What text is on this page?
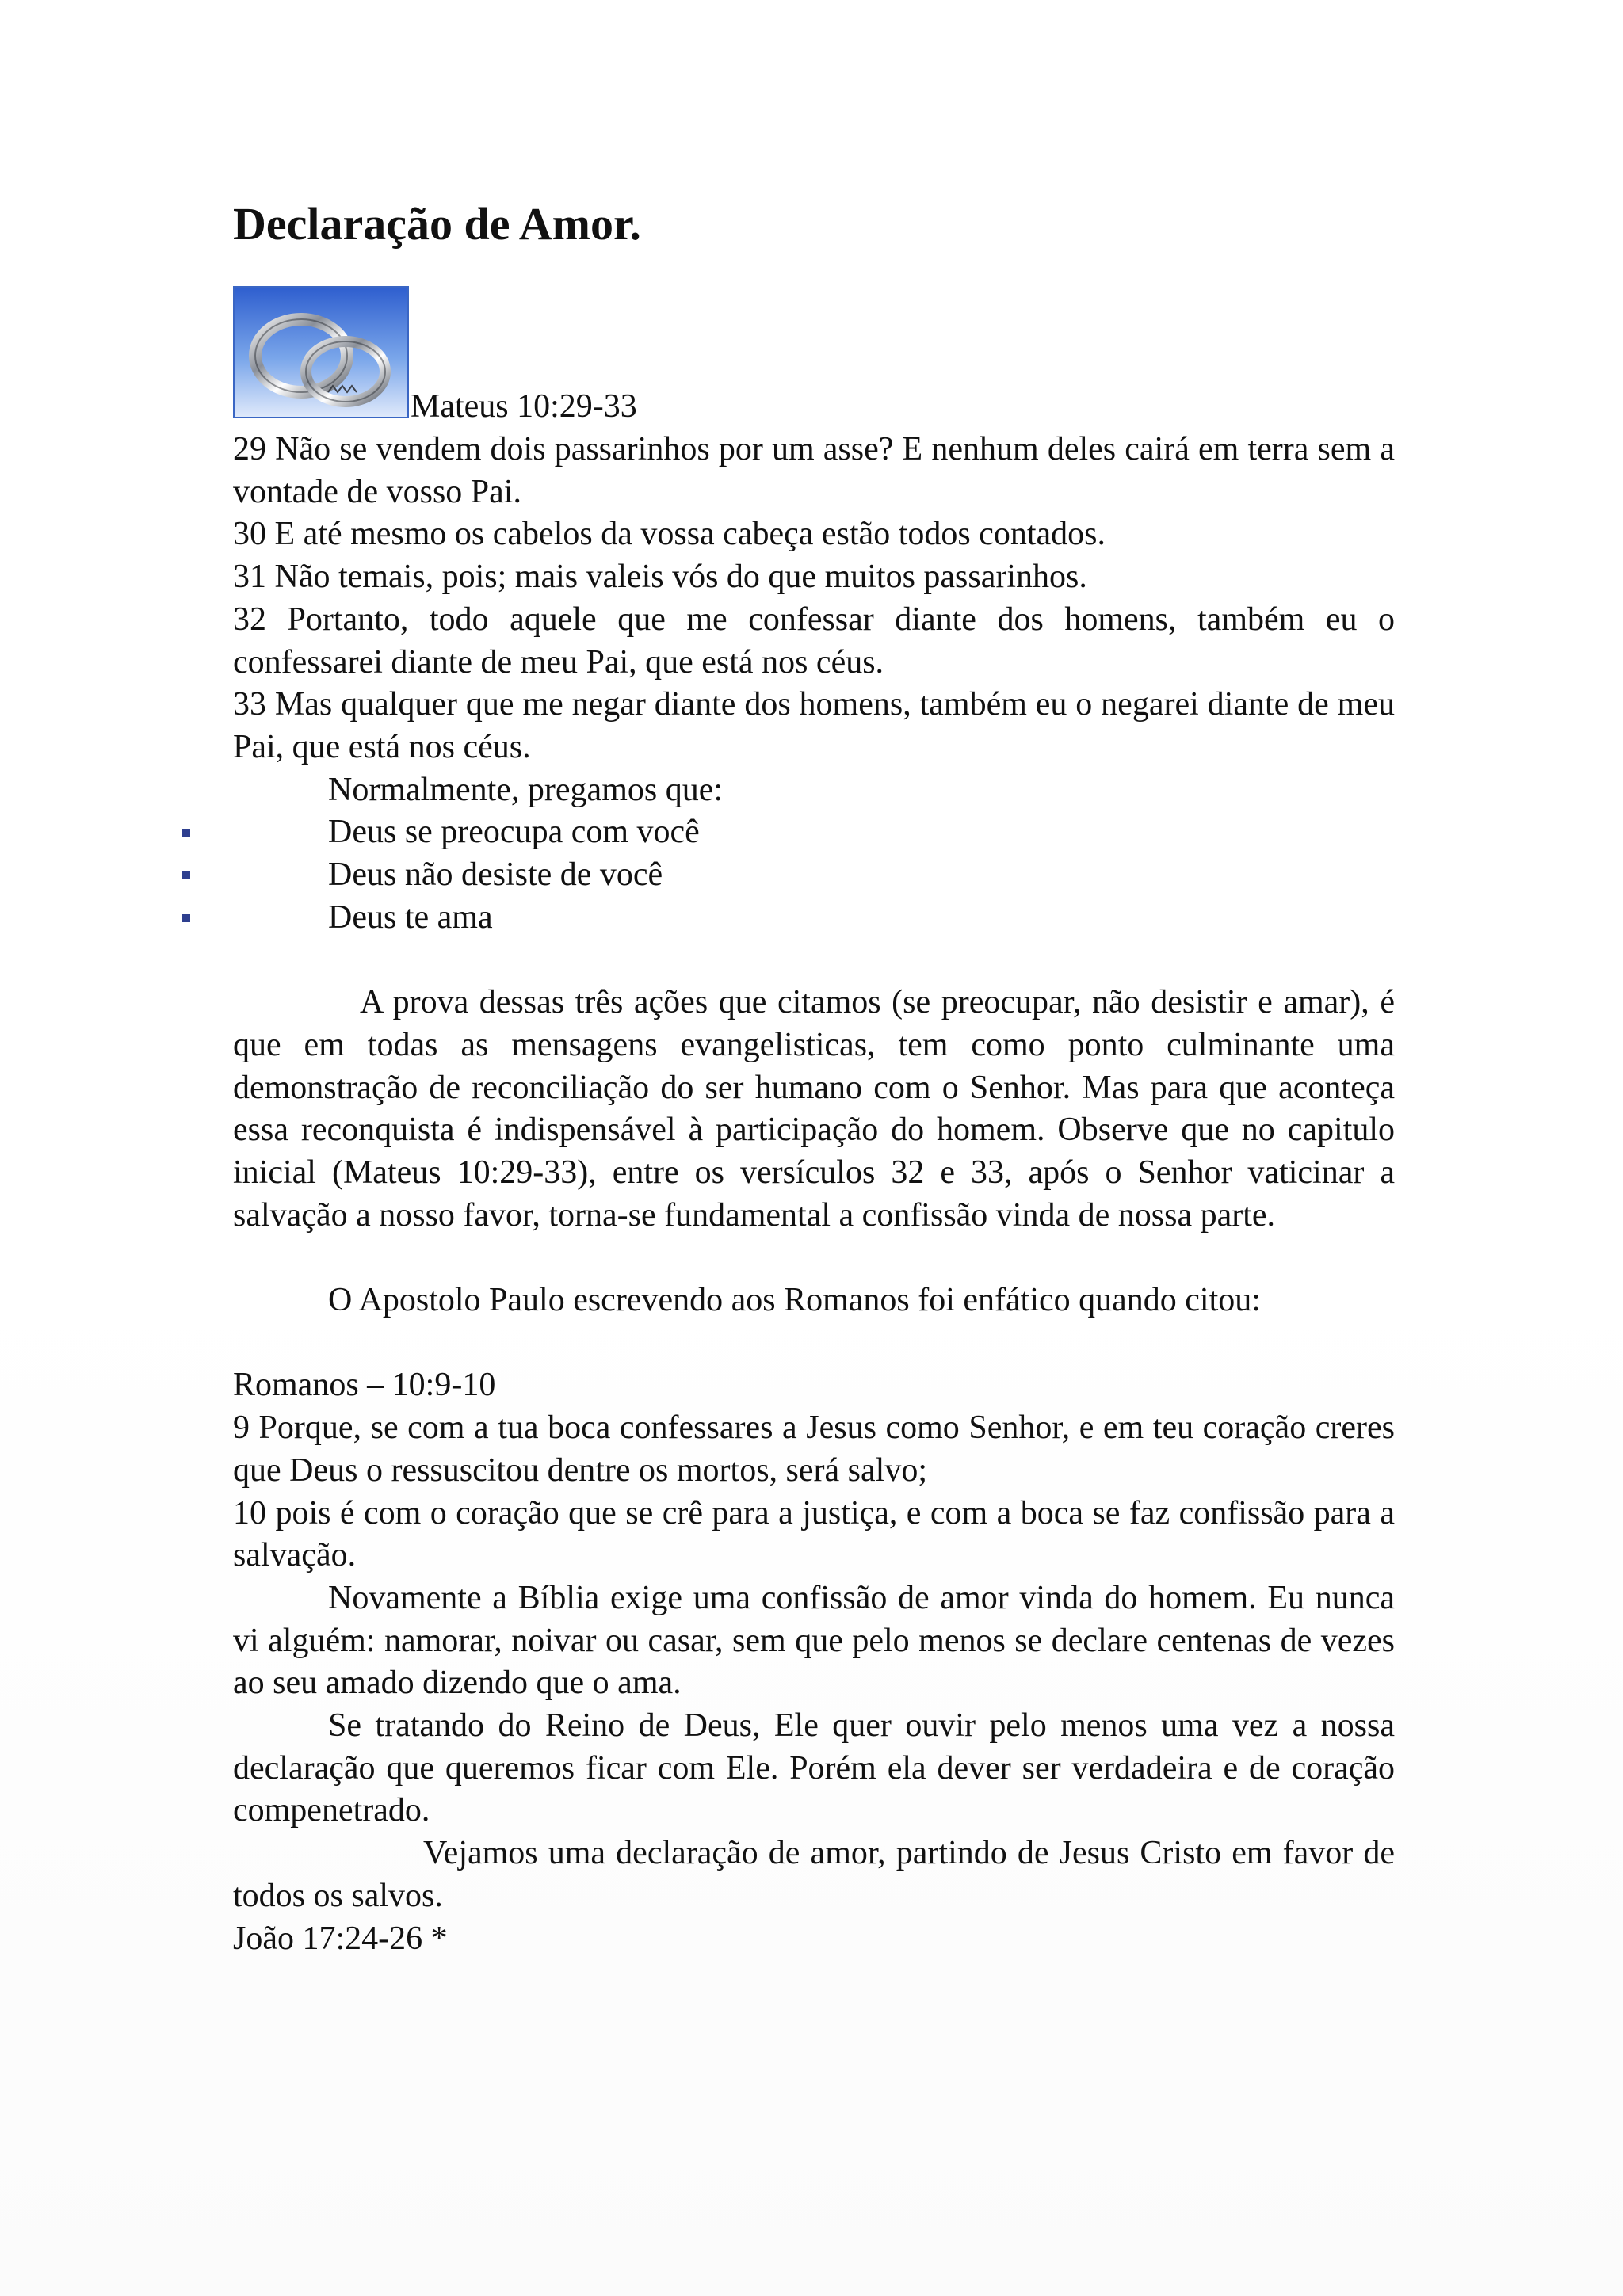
Declaração de Amor.
Mateus 10:29-33

29 Não se vendem dois passarinhos por um asse? E nenhum deles cairá em terra sem a vontade de vosso Pai.

30 E até mesmo os cabelos da vossa cabeça estão todos contados.

31 Não temais, pois; mais valeis vós do que muitos passarinhos.

32 Portanto, todo aquele que me confessar diante dos homens, também eu o confessarei diante de meu Pai, que está nos céus.

33 Mas qualquer que me negar diante dos homens, também eu o negarei diante de meu Pai, que está nos céus.

Normalmente, pregamos que:

Deus se preocupa com você
Deus não desiste de você
Deus te ama

A prova dessas três ações que citamos (se preocupar, não desistir e amar), é que em todas as mensagens evangelisticas, tem como ponto culminante uma demonstração de reconciliação do ser humano com o Senhor. Mas para que aconteça essa reconquista é indispensável à participação do homem. Observe que no capitulo inicial (Mateus 10:29-33), entre os versículos 32 e 33, após o Senhor vaticinar a salvação a nosso favor, torna-se fundamental a confissão vinda de nossa parte.

O Apostolo Paulo escrevendo aos Romanos foi enfático quando citou:

Romanos – 10:9-10

9 Porque, se com a tua boca confessares a Jesus como Senhor, e em teu coração creres que Deus o ressuscitou dentre os mortos, será salvo;

10 pois é com o coração que se crê para a justiça, e com a boca se faz confissão para a salvação.

Novamente a Bíblia exige uma confissão de amor vinda do homem. Eu nunca vi alguém: namorar, noivar ou casar, sem que pelo menos se declare centenas de vezes ao seu amado dizendo que o ama.

Se tratando do Reino de Deus, Ele quer ouvir pelo menos uma vez a nossa declaração que queremos ficar com Ele. Porém ela dever ser verdadeira e de coração compenetrado.

Vejamos uma declaração de amor, partindo de Jesus Cristo em favor de todos os salvos.

João 17:24-26 *
